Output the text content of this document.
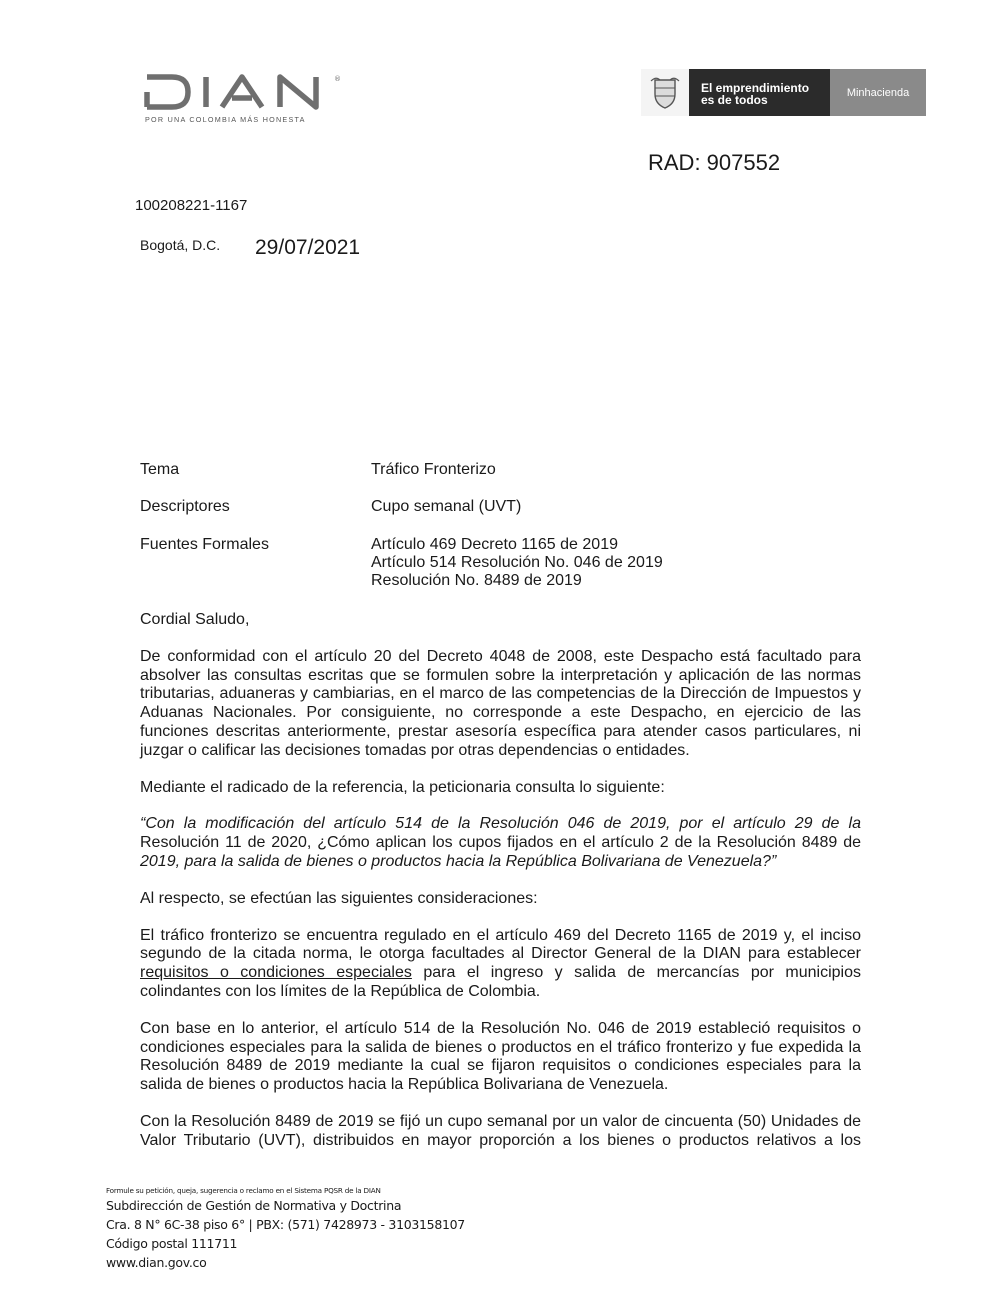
®
POR UNA COLOMBIA MÁS HONESTA
El emprendimiento
es de todos
Minhacienda
RAD: 907552
100208221-1167
Bogotá, D.C. 29/07/2021
Tema	Tráfico Fronterizo
Descriptores	Cupo semanal (UVT)
Fuentes Formales	Artículo 469 Decreto 1165 de 2019
Artículo 514 Resolución No. 046 de 2019
Resolución No. 8489 de 2019

Cordial Saludo,

De conformidad con el artículo 20 del Decreto 4048 de 2008, este Despacho está facultado para absolver las consultas escritas que se formulen sobre la interpretación y aplicación de las normas tributarias, aduaneras y cambiarias, en el marco de las competencias de la Dirección de Impuestos y Aduanas Nacionales. Por consiguiente, no corresponde a este Despacho, en ejercicio de las funciones descritas anteriormente, prestar asesoría específica para atender casos particulares, ni juzgar o calificar las decisiones tomadas por otras dependencias o entidades.

Mediante el radicado de la referencia, la peticionaria consulta lo siguiente:

“Con la modificación del artículo 514 de la Resolución 046 de 2019, por el artículo 29 de la Resolución 11 de 2020, ¿Cómo aplican los cupos fijados en el artículo 2 de la Resolución 8489 de 2019, para la salida de bienes o productos hacia la República Bolivariana de Venezuela?”

Al respecto, se efectúan las siguientes consideraciones:

El tráfico fronterizo se encuentra regulado en el artículo 469 del Decreto 1165 de 2019 y, el inciso segundo de la citada norma, le otorga facultades al Director General de la DIAN para establecer requisitos o condiciones especiales para el ingreso y salida de mercancías por municipios colindantes con los límites de la República de Colombia.

Con base en lo anterior, el artículo 514 de la Resolución No. 046 de 2019 estableció requisitos o condiciones especiales para la salida de bienes o productos en el tráfico fronterizo y fue expedida la Resolución 8489 de 2019 mediante la cual se fijaron requisitos o condiciones especiales para la salida de bienes o productos hacia la República Bolivariana de Venezuela.

Con la Resolución 8489 de 2019 se fijó un cupo semanal por un valor de cincuenta (50) Unidades de Valor Tributario (UVT), distribuidos en mayor proporción a los bienes o productos relativos a los

Formule su petición, queja, sugerencia o reclamo en el Sistema PQSR de la DIAN
Subdirección de Gestión de Normativa y Doctrina
Cra. 8 N° 6C-38 piso 6° | PBX: (571) 7428973 - 3103158107
Código postal 111711
www.dian.gov.co
